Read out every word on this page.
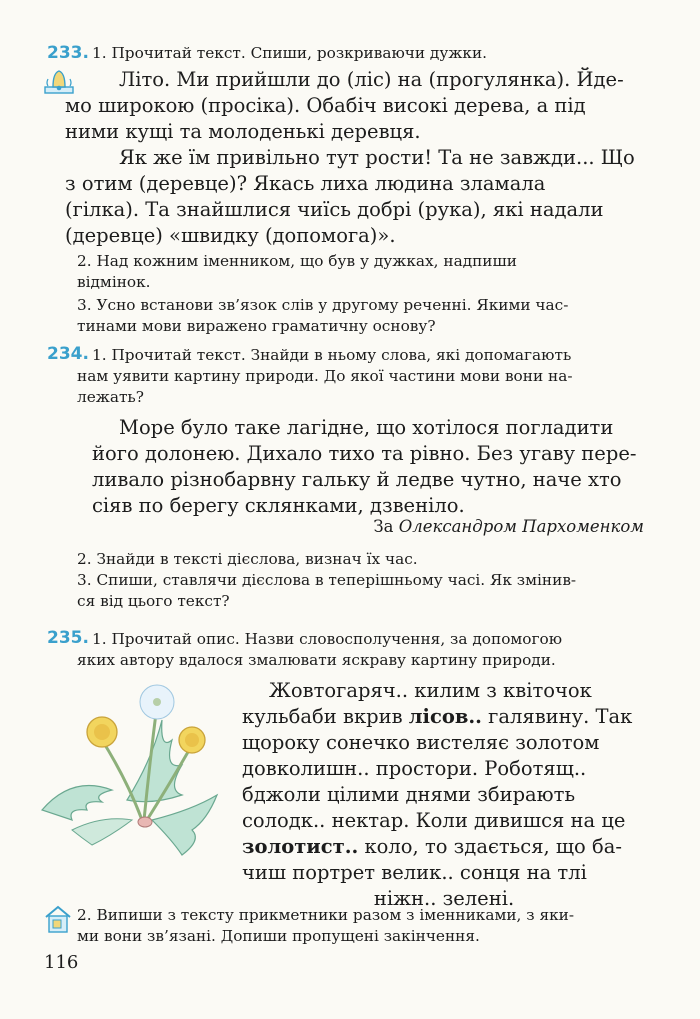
233. 1. Прочитай текст. Спиши, розкриваючи дужки.

Літо. Ми прийшли до (ліс) на (прогулянка). Йде-

мо широкою (просіка). Обабіч високі дерева, а під

ними кущі та молоденькі деревця.

Як же їм привільно тут рости! Та не завжди... Що

з отим (деревце)? Якась лиха людина зламала

(гілка). Та знайшлися чиїсь добрі (рука), які надали

(деревце) «швидку (допомога)».

2. Над кожним іменником, що був у дужках, надпиши

відмінок.

3. Усно встанови зв’язок слів у другому реченні. Якими час-

тинами мови виражено граматичну основу?

234. 1. Прочитай текст. Знайди в ньому слова, які допомагають

нам уявити картину природи. До якої частини мови вони на-

лежать?

Море було таке лагідне, що хотілося погладити

його долонею. Дихало тихо та рівно. Без угаву пере-

ливало різнобарвну гальку й ледве чутно, наче хто

сіяв по берегу склянками, дзвеніло.

За Олександром Пархоменком

2. Знайди в тексті дієслова, визнач їх час.

3. Спиши, ставлячи дієслова в теперішньому часі. Як змінив-

ся від цього текст?

235. 1. Прочитай опис. Назви словосполучення, за допомогою

яких автору вдалося змалювати яскраву картину природи.

Жовтогаряч.. килим з квіточок

кульбаби вкрив лісов.. галявину. Так

щороку сонечко вистеляє золотом

довколишн.. простори. Роботящ..

бджоли цілими днями збирають

солодк.. нектар. Коли дивишся на це

золотист.. коло, то здається, що ба-

чиш портрет велик.. сонця на тлі

ніжн.. зелені.

2. Випиши з тексту прикметники разом з іменниками, з яки-

ми вони зв’язані. Допиши пропущені закінчення.

116
